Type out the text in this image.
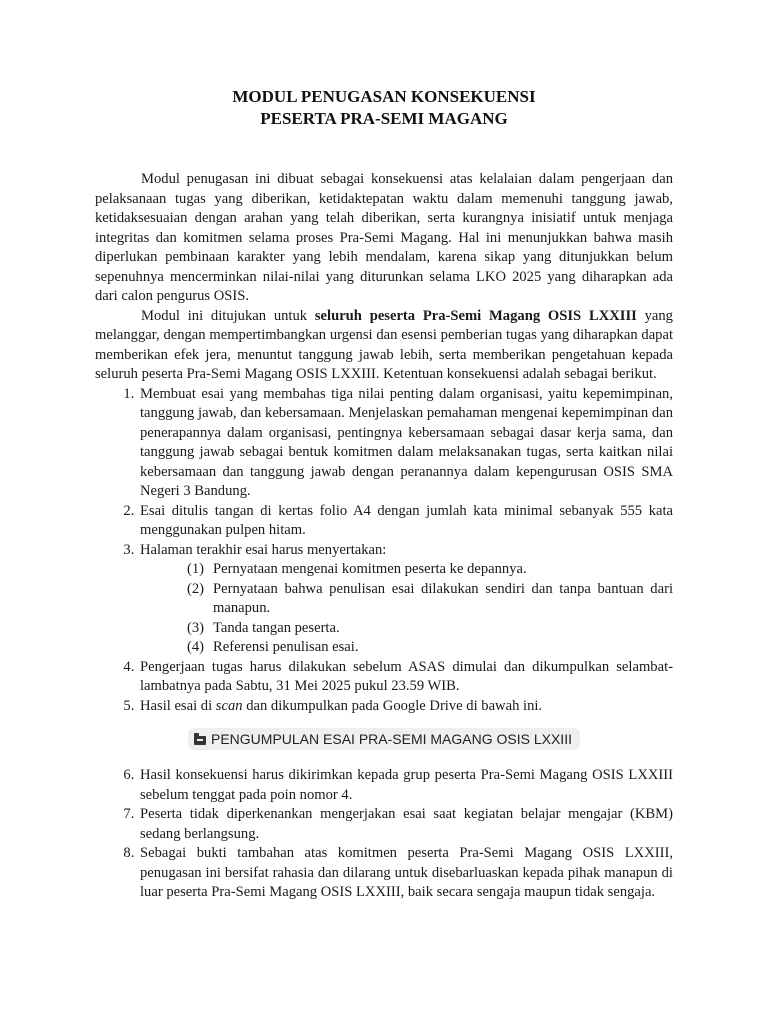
MODUL PENUGASAN KONSEKUENSI
PESERTA PRA-SEMI MAGANG

Modul penugasan ini dibuat sebagai konsekuensi atas kelalaian dalam pengerjaan dan pelaksanaan tugas yang diberikan, ketidaktepatan waktu dalam memenuhi tanggung jawab, ketidaksesuaian dengan arahan yang telah diberikan, serta kurangnya inisiatif untuk menjaga integritas dan komitmen selama proses Pra-Semi Magang. Hal ini menunjukkan bahwa masih diperlukan pembinaan karakter yang lebih mendalam, karena sikap yang ditunjukkan belum sepenuhnya mencerminkan nilai-nilai yang diturunkan selama LKO 2025 yang diharapkan ada dari calon pengurus OSIS.

Modul ini ditujukan untuk seluruh peserta Pra-Semi Magang OSIS LXXIII yang melanggar, dengan mempertimbangkan urgensi dan esensi pemberian tugas yang diharapkan dapat memberikan efek jera, menuntut tanggung jawab lebih, serta memberikan pengetahuan kepada seluruh peserta Pra-Semi Magang OSIS LXXIII. Ketentuan konsekuensi adalah sebagai berikut.

1. Membuat esai yang membahas tiga nilai penting dalam organisasi, yaitu kepemimpinan, tanggung jawab, dan kebersamaan. Menjelaskan pemahaman mengenai kepemimpinan dan penerapannya dalam organisasi, pentingnya kebersamaan sebagai dasar kerja sama, dan tanggung jawab sebagai bentuk komitmen dalam melaksanakan tugas, serta kaitkan nilai kebersamaan dan tanggung jawab dengan peranannya dalam kepengurusan OSIS SMA Negeri 3 Bandung.
2. Esai ditulis tangan di kertas folio A4 dengan jumlah kata minimal sebanyak 555 kata menggunakan pulpen hitam.
3. Halaman terakhir esai harus menyertakan:
(1) Pernyataan mengenai komitmen peserta ke depannya.
(2) Pernyataan bahwa penulisan esai dilakukan sendiri dan tanpa bantuan dari manapun.
(3) Tanda tangan peserta.
(4) Referensi penulisan esai.
4. Pengerjaan tugas harus dilakukan sebelum ASAS dimulai dan dikumpulkan selambat-lambatnya pada Sabtu, 31 Mei 2025 pukul 23.59 WIB.
5. Hasil esai di scan dan dikumpulkan pada Google Drive di bawah ini.
PENGUMPULAN ESAI PRA-SEMI MAGANG OSIS LXXIII
6. Hasil konsekuensi harus dikirimkan kepada grup peserta Pra-Semi Magang OSIS LXXIII sebelum tenggat pada poin nomor 4.
7. Peserta tidak diperkenankan mengerjakan esai saat kegiatan belajar mengajar (KBM) sedang berlangsung.
8. Sebagai bukti tambahan atas komitmen peserta Pra-Semi Magang OSIS LXXIII, penugasan ini bersifat rahasia dan dilarang untuk disebarluaskan kepada pihak manapun di luar peserta Pra-Semi Magang OSIS LXXIII, baik secara sengaja maupun tidak sengaja.
